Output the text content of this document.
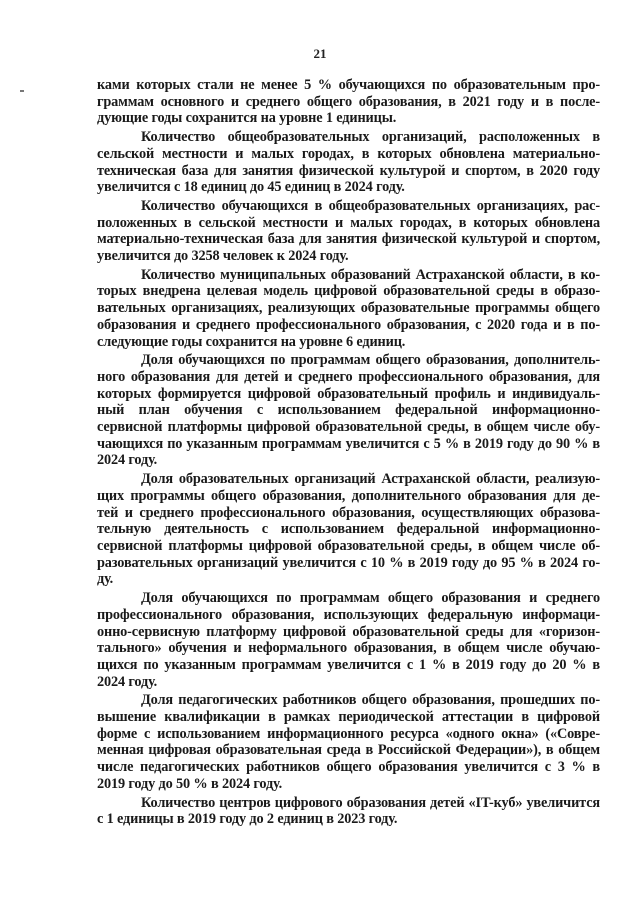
21
ками которых стали не менее 5 % обучающихся по образовательным про-
граммам основного и среднего общего образования, в 2021 году и в после-
дующие годы сохранится на уровне 1 единицы.
Количество общеобразовательных организаций, расположенных в
сельской местности и малых городах, в которых обновлена материально-
техническая база для занятия физической культурой и спортом, в 2020 году
увеличится с 18 единиц до 45 единиц в 2024 году.
Количество обучающихся в общеобразовательных организациях, рас-
положенных в сельской местности и малых городах, в которых обновлена
материально-техническая база для занятия физической культурой и спортом,
увеличится до 3258 человек к 2024 году.
Количество муниципальных образований Астраханской области, в ко-
торых внедрена целевая модель цифровой образовательной среды в образо-
вательных организациях, реализующих образовательные программы общего
образования и среднего профессионального образования, с 2020 года и в по-
следующие годы сохранится на уровне 6 единиц.
Доля обучающихся по программам общего образования, дополнитель-
ного образования для детей и среднего профессионального образования, для
которых формируется цифровой образовательный профиль и индивидуаль-
ный план обучения с использованием федеральной информационно-
сервисной платформы цифровой образовательной среды, в общем числе обу-
чающихся по указанным программам увеличится с 5 % в 2019 году до 90 % в
2024 году.
Доля образовательных организаций Астраханской области, реализую-
щих программы общего образования, дополнительного образования для де-
тей и среднего профессионального образования, осуществляющих образова-
тельную деятельность с использованием федеральной информационно-
сервисной платформы цифровой образовательной среды, в общем числе об-
разовательных организаций увеличится с 10 % в 2019 году до 95 % в 2024 го-
ду.
Доля обучающихся по программам общего образования и среднего
профессионального образования, использующих федеральную информаци-
онно-сервисную платформу цифровой образовательной среды для «горизон-
тального» обучения и неформального образования, в общем числе обучаю-
щихся по указанным программам увеличится с 1 % в 2019 году до 20 % в
2024 году.
Доля педагогических работников общего образования, прошедших по-
вышение квалификации в рамках периодической аттестации в цифровой
форме с использованием информационного ресурса «одного окна» («Совре-
менная цифровая образовательная среда в Российской Федерации»), в общем
числе педагогических работников общего образования увеличится с 3 % в
2019 году до 50 % в 2024 году.
Количество центров цифрового образования детей «IT-куб» увеличится
с 1 единицы в 2019 году до 2 единиц в 2023 году.
